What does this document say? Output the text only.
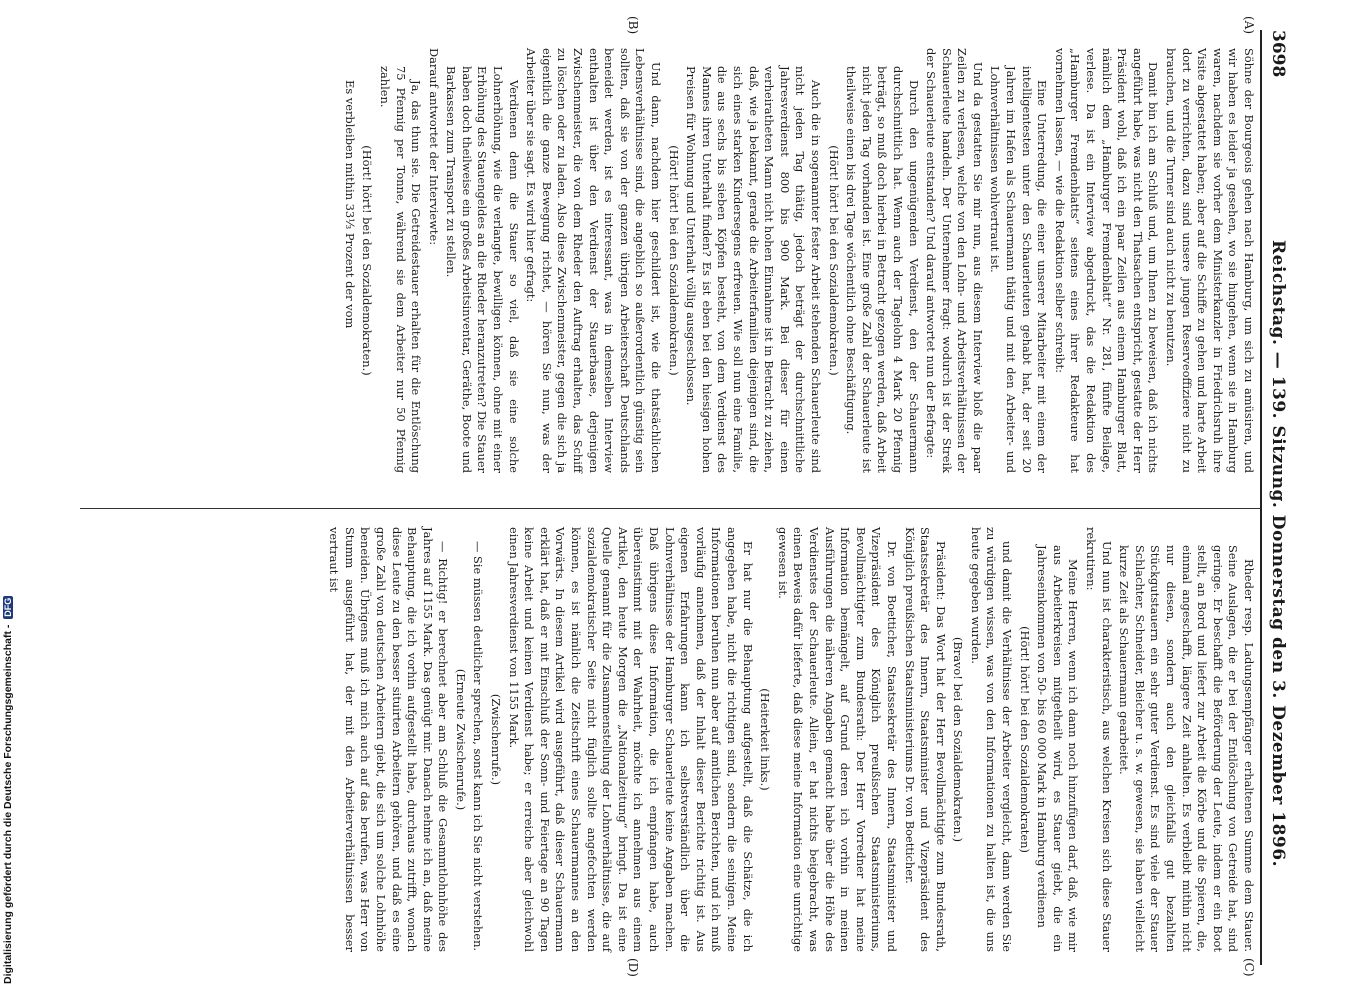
3698
Reichstag. — 139. Sitzung. Donnerstag den 3. Dezember 1896.
(A)
(B)
(C)
(D)

Söhne der Bourgeois gehen nach Hamburg, um sich zu amüsiren, und wir haben es leider ja gesehen, wo sie hingehen, wenn sie in Hamburg waren, nachdem sie vorher dem Ministerkanzler in Friedrichsruh ihre Visite abgestattet haben; aber auf die Schiffe zu gehen und harte Arbeit dort zu verrichten, dazu sind unsere jungen Reserveoffiziere nicht zu brauchen, und die Turner sind auch nicht zu benutzen.

Damit bin ich am Schluß und, um Ihnen zu beweisen, daß ich nichts angeführt habe, was nicht den Thatsachen entspricht, gestatte der Herr Präsident wohl, daß ich ein paar Zeilen aus einem Hamburger Blatt, nämlich dem „Hamburger Fremdenblatt“ Nr. 281, fünfte Beilage, verlese. Da ist ein Interview abgedruckt, das die Redaktion des „Hamburger Fremdenblatts“ seitens eines ihrer Redakteure hat vornehmen lassen, — wie die Redaktion selber schreibt:

Eine Unterredung, die einer unserer Mitarbeiter mit einem der intelligentesten unter den Schauerleuten gehabt hat, der seit 20 Jahren im Hafen als Schauermann thätig und mit den Arbeiter- und Lohnverhältnissen wohlvertraut ist.

Und da gestatten Sie mir nun, aus diesem Interview bloß die paar Zeilen zu verlesen, welche von den Lohn- und Arbeitsverhältnissen der Schauerleute handeln. Der Unternehmer fragt: wodurch ist der Streik der Schauerleute entstanden? Und darauf antwortet nun der Befragte:

Durch den ungenügenden Verdienst, den der Schauermann durchschnittlich hat. Wenn auch der Tagelohn 4 Mark 20 Pfennig beträgt, so muß doch hierbei in Betracht gezogen werden, daß Arbeit nicht jeden Tag vorhanden ist. Eine große Zahl der Schauerleute ist theilweise einen bis drei Tage wöchentlich ohne Beschäftigung.

(Hört! hört! bei den Sozialdemokraten.)

Auch die in sogenannter fester Arbeit stehenden Schauerleute sind nicht jeden Tag thätig, jedoch beträgt der durchschnittliche Jahresverdienst 800 bis 900 Mark. Bei dieser für einen verheiratheten Mann nicht hohen Einnahme ist in Betracht zu ziehen, daß, wie ja bekannt, gerade die Arbeiterfamilien diejenigen sind, die sich eines starken Kindersegens erfreuen. Wie soll nun eine Familie, die aus sechs bis sieben Köpfen besteht, von dem Verdienst des Mannes ihren Unterhalt finden? Es ist eben bei den hiesigen hohen Preisen für Wohnung und Unterhalt völlig ausgeschlossen.

(Hört! hört! bei den Sozialdemokraten.)

Und dann, nachdem hier geschildert ist, wie die thatsächlichen Lebensverhältnisse sind, die angeblich so außerordentlich günstig sein sollten, daß sie von der ganzen übrigen Arbeiterschaft Deutschlands beneidet werden, ist es interessant, was in demselben Interview enthalten ist über den Verdienst der Stauerbaase, derjenigen Zwischenmeister, die von dem Rheder den Auftrag erhalten, das Schiff zu löschen oder zu laden. Also diese Zwischenmeister, gegen die sich ja eigentlich die ganze Bewegung richtet, — hören Sie nun, was der Arbeiter über sie sagt. Es wird hier gefragt:

Verdienen denn die Stauer so viel, daß sie eine solche Lohnerhöhung, wie die verlangte, bewilligen können, ohne mit einer Erhöhung des Stauengeldes an die Rheder heranzutreten? Die Stauer haben doch theilweise ein großes Arbeitsinventar, Geräthe, Boote und Barkassen zum Transport zu stellen.

Darauf antwortet der Interviewte:

Ja, das thun sie. Die Getreidestauer erhalten für die Entlöschung 75 Pfennig per Tonne, während sie dem Arbeiter nur 50 Pfennig zahlen.

(Hört! hört! bei den Sozialdemokraten.)

Es verbleiben mithin 33⅓ Prozent der vom

Rheder resp. Ladungsempfänger erhaltenen Summe dem Stauer. Seine Auslagen, die er bei der Entlöschung von Getreide hat, sind geringe. Er beschafft die Beförderung der Leute, indem er ein Boot stellt, an Bord und liefert zur Arbeit die Körbe und die Spieren, die, einmal angeschafft, längere Zeit anhalten. Es verbleibt mithin nicht nur diesen, sondern auch den gleichfalls gut bezahlten Stückgutstauern ein sehr guter Verdienst. Es sind viele der Stauer Schlachter, Schneider, Bleicher u. s. w. gewesen, sie haben vielleicht kurze Zeit als Schauermann gearbeitet.

Und nun ist charakteristisch, aus welchen Kreisen sich diese Stauer rekrutiren:

Meine Herren, wenn ich dann noch hinzufügen darf, daß, wie mir aus Arbeiterkreisen mitgetheilt wird, es Stauer giebt, die ein Jahreseinkommen von 50- bis 60 000 Mark in Hamburg verdienen

(Hört! hört! bei den Sozialdemokraten)

und damit die Verhältnisse der Arbeiter vergleicht, dann werden Sie zu würdigen wissen, was von den Informationen zu halten ist, die uns heute gegeben wurden.

(Bravo! bei den Sozialdemokraten.)

Präsident: Das Wort hat der Herr Bevollmächtigte zum Bundesrath, Staatssekretär des Innern, Staatsminister und Vizepräsident des Königlich preußischen Staatsministeriums Dr. von Boetticher.

Dr. von Boetticher, Staatssekretär des Innern, Staatsminister und Vizepräsident des Königlich preußischen Staatsministeriums, Bevollmächtigter zum Bundesrath: Der Herr Vorredner hat meine Information bemängelt, auf Grund deren ich vorhin in meinen Ausführungen die näheren Angaben gemacht habe über die Höhe des Verdienstes der Schauerleute. Allein, er hat nichts beigebracht, was einen Beweis dafür lieferte, daß diese meine Information eine unrichtige gewesen ist.

(Heiterkeit links.)

Er hat nur die Behauptung aufgestellt, daß die Schätze, die ich angegeben habe, nicht die richtigen sind, sondern die seinigen. Meine Informationen beruhen nun aber auf amtlichen Berichten, und ich muß vorläufig annehmen, daß der Inhalt dieser Berichte richtig ist. Aus eigenen Erfahrungen kann ich selbstverständlich über die Lohnverhältnisse der Hamburger Schauerleute keine Angaben machen. Daß übrigens diese Information, die ich empfangen habe, auch übereinstimmt mit der Wahrheit, möchte ich annehmen aus einem Artikel, den heute Morgen die „Nationalzeitung“ bringt. Da ist eine Quelle genannt für die Zusammenstellung der Lohnverhältnisse, die auf sozialdemokratischer Seite nicht füglich sollte angefochten werden können, es ist nämlich die Zeitschrift eines Schauermannes an den Vorwärts. In diesem Artikel wird ausgeführt, daß dieser Schauermann erklärt hat, daß er mit Einschluß der Sonn- und Feiertage an 90 Tagen keine Arbeit und keinen Verdienst habe; er erreiche aber gleichwohl einen Jahresverdienst von 1155 Mark.

(Zwischenrufe.)

— Sie müssen deutlicher sprechen, sonst kann ich Sie nicht verstehen.

(Erneute Zwischenrufe.)

— Richtig! er berechnet aber am Schluß die Gesammtlohnhöhe des Jahres auf 1155 Mark. Das genügt mir. Danach nehme ich an, daß meine Behauptung, die ich vorhin aufgestellt habe, durchaus zutrifft, wonach diese Leute zu den besser situirten Arbeitern gehören, und daß es eine große Zahl von deutschen Arbeitern giebt, die sich um solche Lohnhöhe beneiden. Übrigens muß ich mich auch auf das berufen, was Herr von Stumm ausgeführt hat, der mit den Arbeiterverhältnissen besser vertraut ist

Digitalisierung gefördert durch die Deutsche Forschungsgemeinschaft - DFG
